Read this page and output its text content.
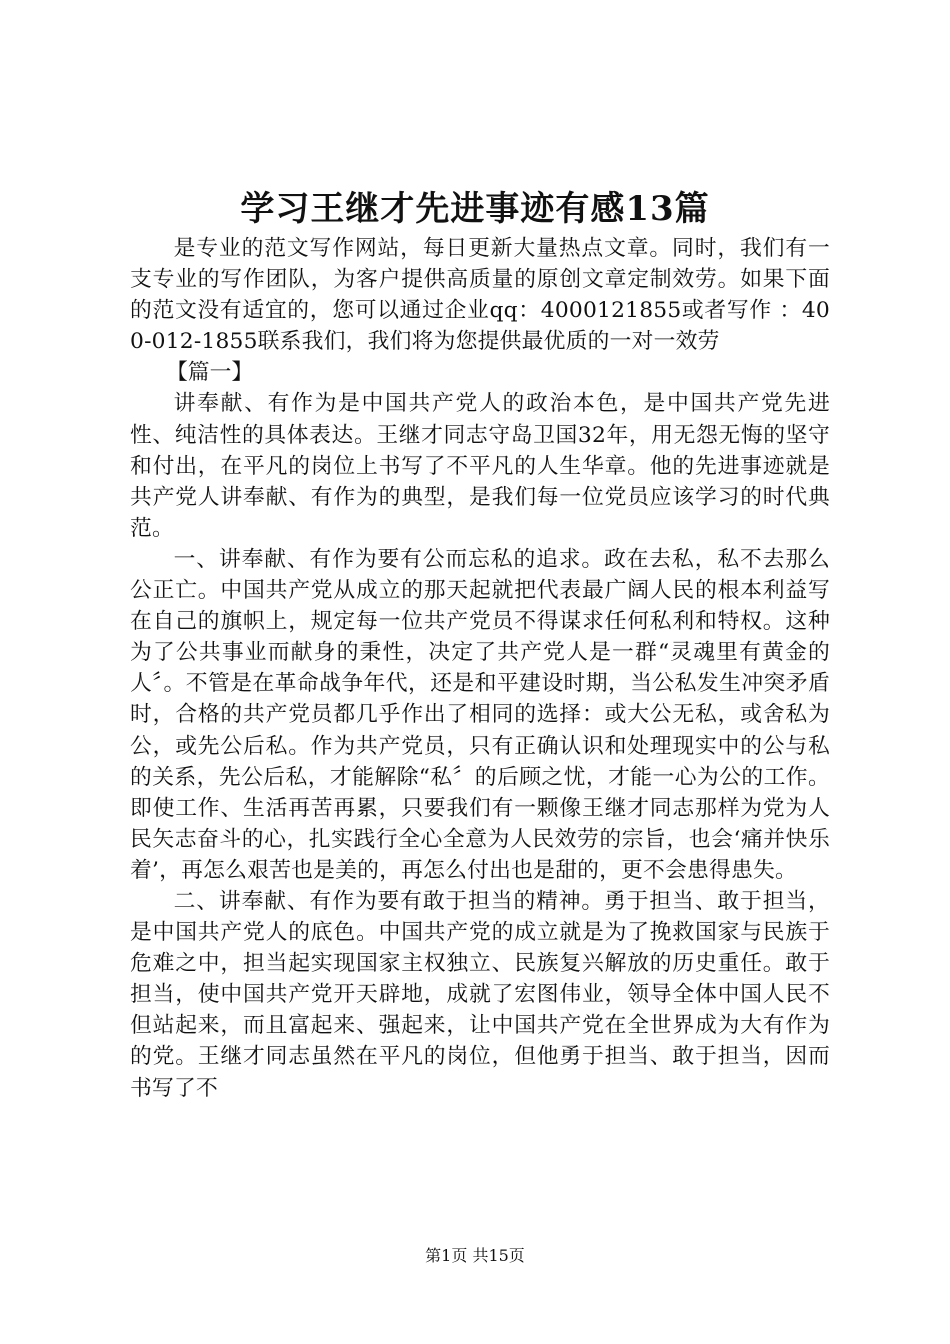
学习王继才先进事迹有感13篇

是专业的范文写作网站，每日更新大量热点文章。同时，我们有一支专业的写作团队，为客户提供高质量的原创文章定制效劳。如果下面的范文没有适宜的，您可以通过企业qq：4000121855或者写作 ：400-012-1855联系我们，我们将为您提供最优质的一对一效劳

【篇一】

讲奉献、有作为是中国共产党人的政治本色，是中国共产党先进性、纯洁性的具体表达。王继才同志守岛卫国32年，用无怨无悔的坚守和付出，在平凡的岗位上书写了不平凡的人生华章。他的先进事迹就是共产党人讲奉献、有作为的典型，是我们每一位党员应该学习的时代典范。

一、讲奉献、有作为要有公而忘私的追求。政在去私，私不去那么公正亡。中国共产党从成立的那天起就把代表最广阔人民的根本利益写在自己的旗帜上，规定每一位共产党员不得谋求任何私利和特权。这种为了公共事业而献身的秉性，决定了共产党人是一群“灵魂里有黄金的人〞。不管是在革命战争年代，还是和平建设时期，当公私发生冲突矛盾时，合格的共产党员都几乎作出了相同的选择：或大公无私，或舍私为公，或先公后私。作为共产党员，只有正确认识和处理现实中的公与私的关系，先公后私，才能解除“私〞的后顾之忧，才能一心为公的工作。即使工作、生活再苦再累，只要我们有一颗像王继才同志那样为党为人民矢志奋斗的心，扎实践行全心全意为人民效劳的宗旨，也会‘痛并快乐着’，再怎么艰苦也是美的，再怎么付出也是甜的，更不会患得患失。

二、讲奉献、有作为要有敢于担当的精神。勇于担当、敢于担当，是中国共产党人的底色。中国共产党的成立就是为了挽救国家与民族于危难之中，担当起实现国家主权独立、民族复兴解放的历史重任。敢于担当，使中国共产党开天辟地，成就了宏图伟业，领导全体中国人民不但站起来，而且富起来、强起来，让中国共产党在全世界成为大有作为的党。王继才同志虽然在平凡的岗位，但他勇于担当、敢于担当，因而书写了不

第1页 共15页
